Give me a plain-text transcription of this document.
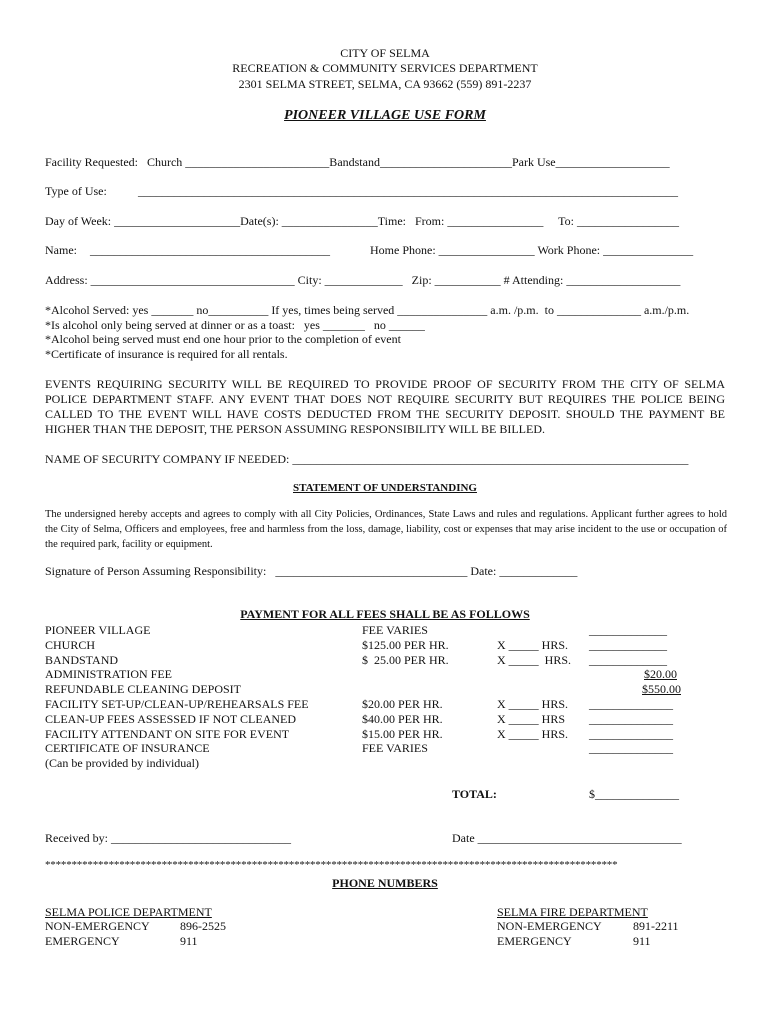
CITY OF SELMA
RECREATION & COMMUNITY SERVICES DEPARTMENT
2301 SELMA STREET, SELMA, CA 93662 (559) 891-2237
PIONEER VILLAGE USE FORM
Facility Requested:   Church ________________________Bandstand______________________Park Use___________________
Type of Use:	__________________________________________________________________________________________
Day of Week: _____________________Date(s): ________________Time:   From: ________________     To: _________________
Name: ________________________________________	Home Phone: ________________ Work Phone: _______________
Address: __________________________________ City: _____________   Zip: ___________ # Attending: ___________________
*Alcohol Served: yes _______ no__________ If yes, times being served _______________ a.m. /p.m.  to ______________ a.m./p.m.
*Is alcohol only being served at dinner or as a toast:   yes _______   no ______
*Alcohol being served must end one hour prior to the completion of event
*Certificate of insurance is required for all rentals.
EVENTS REQUIRING SECURITY WILL BE REQUIRED TO PROVIDE PROOF OF SECURITY FROM THE CITY OF SELMA POLICE DEPARTMENT STAFF. ANY EVENT THAT DOES NOT REQUIRE SECURITY BUT REQUIRES THE POLICE BEING CALLED TO THE EVENT WILL HAVE COSTS DEDUCTED FROM THE SECURITY DEPOSIT. SHOULD THE PAYMENT BE HIGHER THAN THE DEPOSIT, THE PERSON ASSUMING RESPONSIBILITY WILL BE BILLED.
NAME OF SECURITY COMPANY IF NEEDED: __________________________________________________________________
STATEMENT OF UNDERSTANDING
The undersigned hereby accepts and agrees to comply with all City Policies, Ordinances, State Laws and rules and regulations. Applicant further agrees to hold the City of Selma, Officers and employees, free and harmless from the loss, damage, liability, cost or expenses that may arise incident to the use or occupation of the required park, facility or equipment.
Signature of Person Assuming Responsibility:   ________________________________ Date: _____________
PAYMENT FOR ALL FEES SHALL BE AS FOLLOWS
PIONEER VILLAGE	FEE VARIES	_____________
CHURCH	$125.00 PER HR.	X _____ HRS. _____________
BANDSTAND	$  25.00 PER HR.	X _____  HRS. _____________
ADMINISTRATION FEE	$20.00
REFUNDABLE CLEANING DEPOSIT	$550.00
FACILITY SET-UP/CLEAN-UP/REHEARSALS FEE	$20.00 PER HR.	X _____ HRS. ______________
CLEAN-UP FEES ASSESSED IF NOT CLEANED	$40.00 PER HR.	X _____ HRS ______________
FACILITY ATTENDANT ON SITE FOR EVENT	$15.00 PER HR.	X _____ HRS. ______________
CERTIFICATE OF INSURANCE	FEE VARIES	______________
(Can be provided by individual)
TOTAL:	$______________
Received by: ______________________________	Date __________________________________
************************************************************************************************************
PHONE NUMBERS
SELMA POLICE DEPARTMENT
NON-EMERGENCY	896-2525
EMERGENCY	911
SELMA FIRE DEPARTMENT
NON-EMERGENCY	891-2211
EMERGENCY	911
